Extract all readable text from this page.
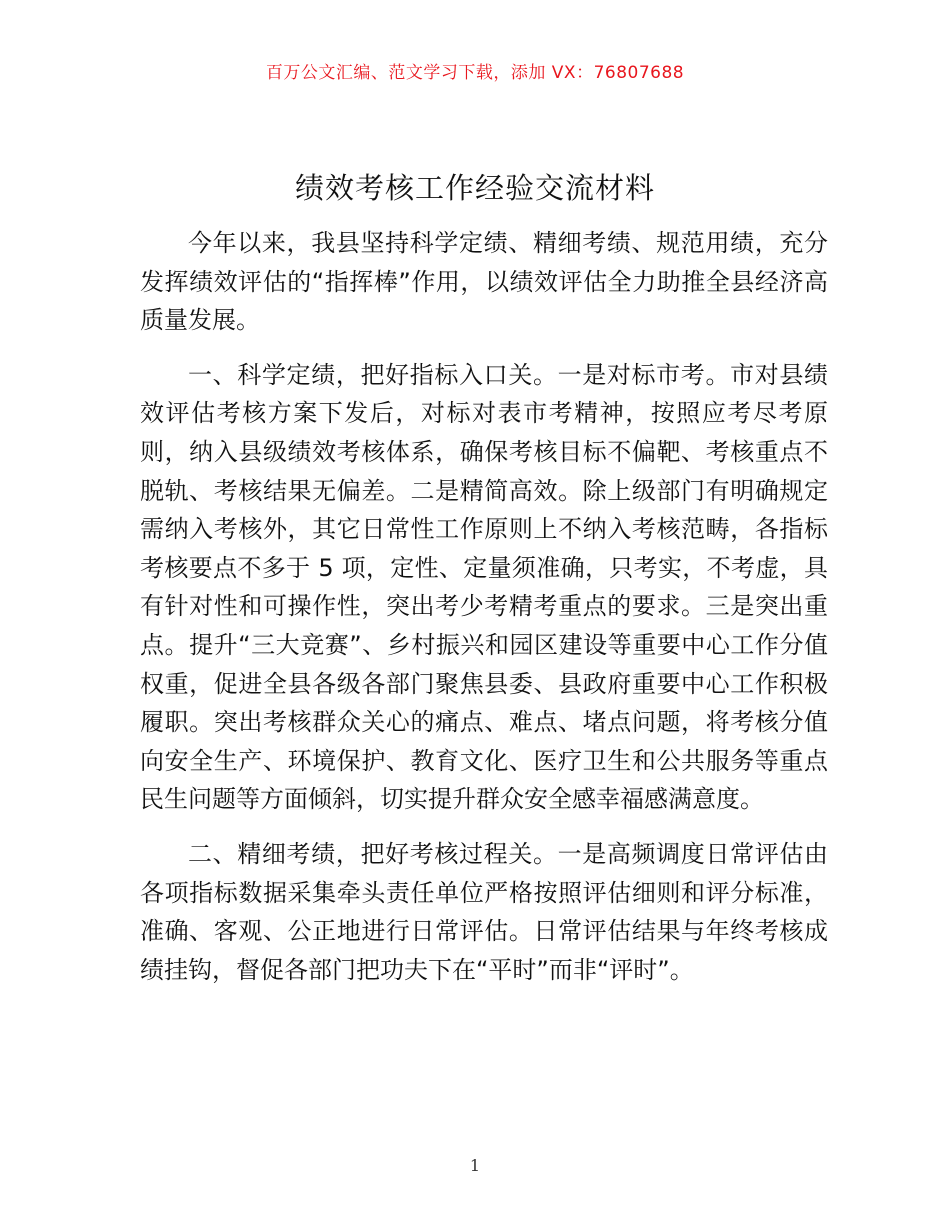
百万公文汇编、范文学习下载，添加 VX：76807688
绩效考核工作经验交流材料

今年以来，我县坚持科学定绩、精细考绩、规范用绩，充分发挥绩效评估的“指挥棒”作用，以绩效评估全力助推全县经济高质量发展。

一、科学定绩，把好指标入口关。一是对标市考。市对县绩效评估考核方案下发后，对标对表市考精神，按照应考尽考原则，纳入县级绩效考核体系，确保考核目标不偏靶、考核重点不脱轨、考核结果无偏差。二是精简高效。除上级部门有明确规定需纳入考核外，其它日常性工作原则上不纳入考核范畴，各指标考核要点不多于 5 项，定性、定量须准确，只考实，不考虚，具有针对性和可操作性，突出考少考精考重点的要求。三是突出重点。提升“三大竞赛”、乡村振兴和园区建设等重要中心工作分值权重，促进全县各级各部门聚焦县委、县政府重要中心工作积极履职。突出考核群众关心的痛点、难点、堵点问题，将考核分值向安全生产、环境保护、教育文化、医疗卫生和公共服务等重点民生问题等方面倾斜，切实提升群众安全感幸福感满意度。

二、精细考绩，把好考核过程关。一是高频调度日常评估由各项指标数据采集牵头责任单位严格按照评估细则和评分标准，准确、客观、公正地进行日常评估。日常评估结果与年终考核成绩挂钩，督促各部门把功夫下在“平时”而非“评时”。

1
